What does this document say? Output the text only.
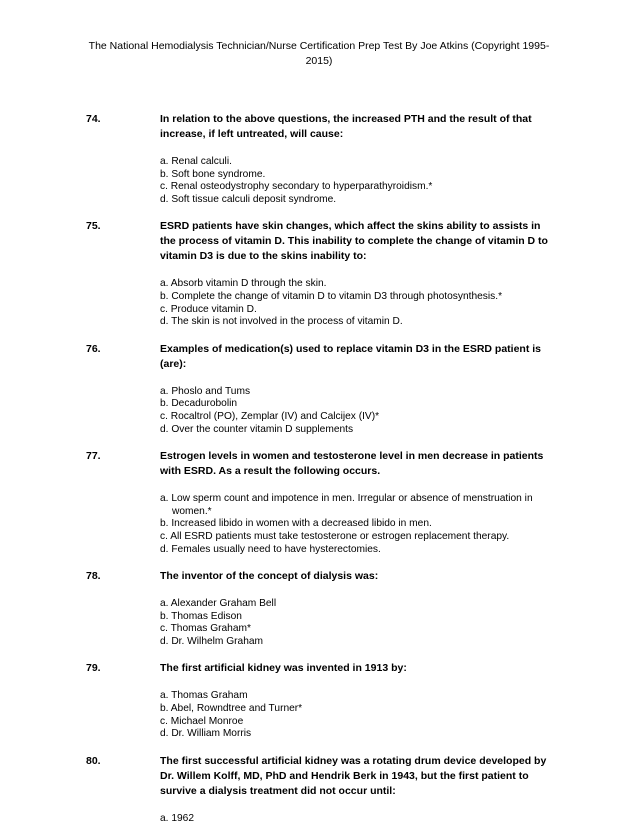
The National Hemodialysis Technician/Nurse Certification Prep Test By Joe Atkins (Copyright 1995-2015)
74.	In relation to the above questions, the increased PTH and the result of that increase, if left untreated, will cause:
a. Renal calculi.
b. Soft bone syndrome.
c. Renal osteodystrophy secondary to hyperparathyroidism.*
d. Soft tissue calculi deposit syndrome.
75.	ESRD patients have skin changes, which affect the skins ability to assists in the process of vitamin D. This inability to complete the change of vitamin D to vitamin D3 is due to the skins inability to:
a. Absorb vitamin D through the skin.
b. Complete the change of vitamin D to vitamin D3 through photosynthesis.*
c. Produce vitamin D.
d. The skin is not involved in the process of vitamin D.
76.	Examples of medication(s) used to replace vitamin D3 in the ESRD patient is (are):
a. Phoslo and Tums
b. Decadurobolin
c. Rocaltrol (PO), Zemplar (IV) and Calcijex (IV)*
d. Over the counter vitamin D supplements
77.	Estrogen levels in women and testosterone level in men decrease in patients with ESRD. As a result the following occurs.
a. Low sperm count and impotence in men. Irregular or absence of menstruation in women.*
b. Increased libido in women with a decreased libido in men.
c. All ESRD patients must take testosterone or estrogen replacement therapy.
d. Females usually need to have hysterectomies.
78.	The inventor of the concept of dialysis was:
a. Alexander Graham Bell
b. Thomas Edison
c. Thomas Graham*
d. Dr. Wilhelm Graham
79.	The first artificial kidney was invented in 1913 by:
a. Thomas Graham
b. Abel, Rowndtree and Turner*
c. Michael Monroe
d. Dr. William Morris
80.	The first successful artificial kidney was a rotating drum device developed by Dr. Willem Kolff, MD, PhD and Hendrik Berk in 1943, but the first patient to survive a dialysis treatment did not occur until:
a. 1962
